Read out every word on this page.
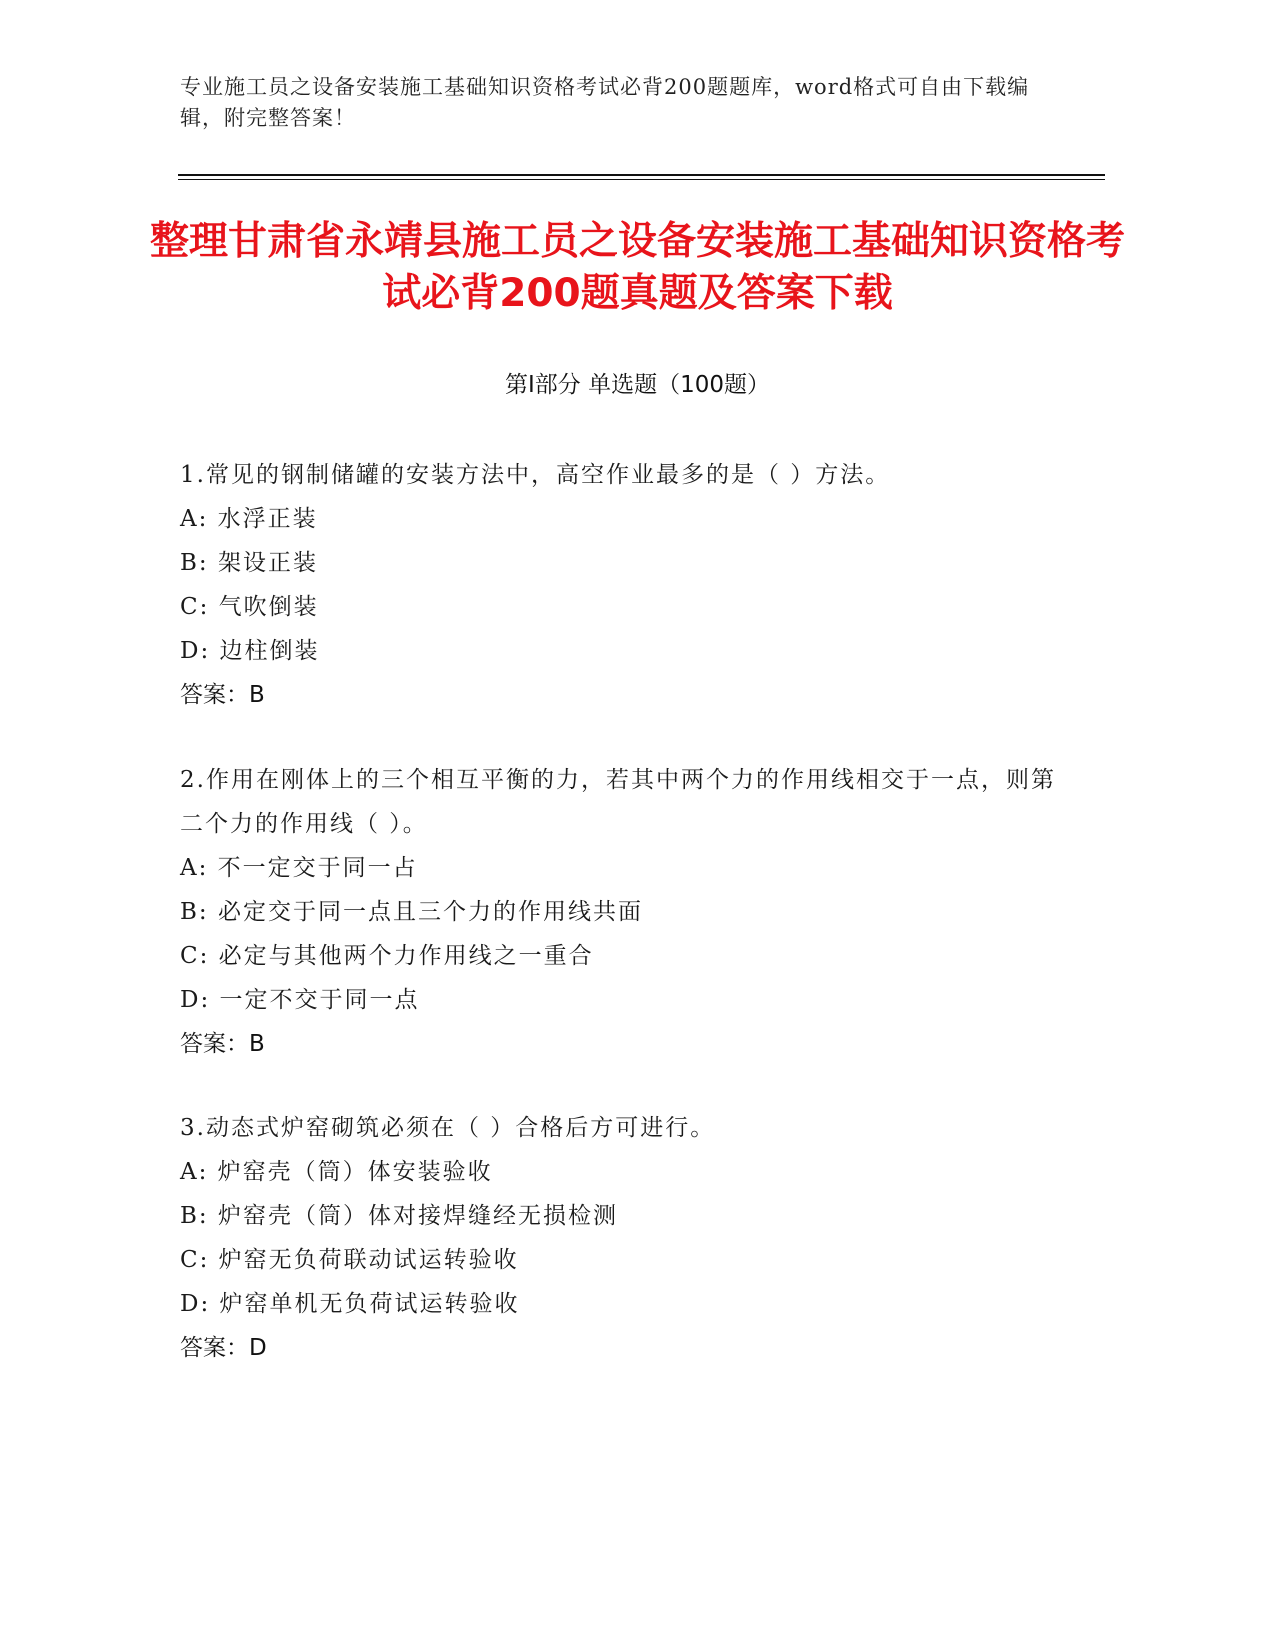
专业施工员之设备安装施工基础知识资格考试必背200题题库，word格式可自由下载编辑，附完整答案！
整理甘肃省永靖县施工员之设备安装施工基础知识资格考试必背200题真题及答案下载
第I部分 单选题（100题）
1.常见的钢制储罐的安装方法中，高空作业最多的是（ ）方法。
A: 水浮正装
B: 架设正装
C: 气吹倒装
D: 边柱倒装
答案：B
2.作用在刚体上的三个相互平衡的力，若其中两个力的作用线相交于一点，则第二个力的作用线（ ）。
A: 不一定交于同一占
B: 必定交于同一点且三个力的作用线共面
C: 必定与其他两个力作用线之一重合
D: 一定不交于同一点
答案：B
3.动态式炉窑砌筑必须在（ ）合格后方可进行。
A: 炉窑壳（筒）体安装验收
B: 炉窑壳（筒）体对接焊缝经无损检测
C: 炉窑无负荷联动试运转验收
D: 炉窑单机无负荷试运转验收
答案：D
